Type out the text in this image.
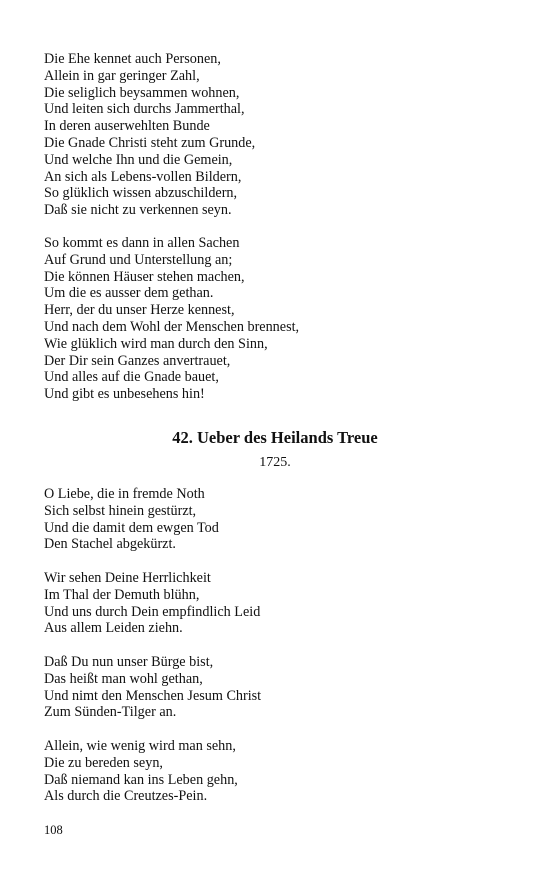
Die Ehe kennet auch Personen,
Allein in gar geringer Zahl,
Die seliglich beysammen wohnen,
Und leiten sich durchs Jammerthal,
In deren auserwehlten Bunde
Die Gnade Christi steht zum Grunde,
Und welche Ihn und die Gemein,
An sich als Lebens-vollen Bildern,
So glüklich wissen abzuschildern,
Daß sie nicht zu verkennen seyn.
So kommt es dann in allen Sachen
Auf Grund und Unterstellung an;
Die können Häuser stehen machen,
Um die es ausser dem gethan.
Herr, der du unser Herze kennest,
Und nach dem Wohl der Menschen brennest,
Wie glüklich wird man durch den Sinn,
Der Dir sein Ganzes anvertrauet,
Und alles auf die Gnade bauet,
Und gibt es unbesehens hin!
42. Ueber des Heilands Treue
1725.
O Liebe, die in fremde Noth
Sich selbst hinein gestürzt,
Und die damit dem ewgen Tod
Den Stachel abgekürzt.
Wir sehen Deine Herrlichkeit
Im Thal der Demuth blühn,
Und uns durch Dein empfindlich Leid
Aus allem Leiden ziehn.
Daß Du nun unser Bürge bist,
Das heißt man wohl gethan,
Und nimt den Menschen Jesum Christ
Zum Sünden-Tilger an.
Allein, wie wenig wird man sehn,
Die zu bereden seyn,
Daß niemand kan ins Leben gehn,
Als durch die Creutzes-Pein.
108
